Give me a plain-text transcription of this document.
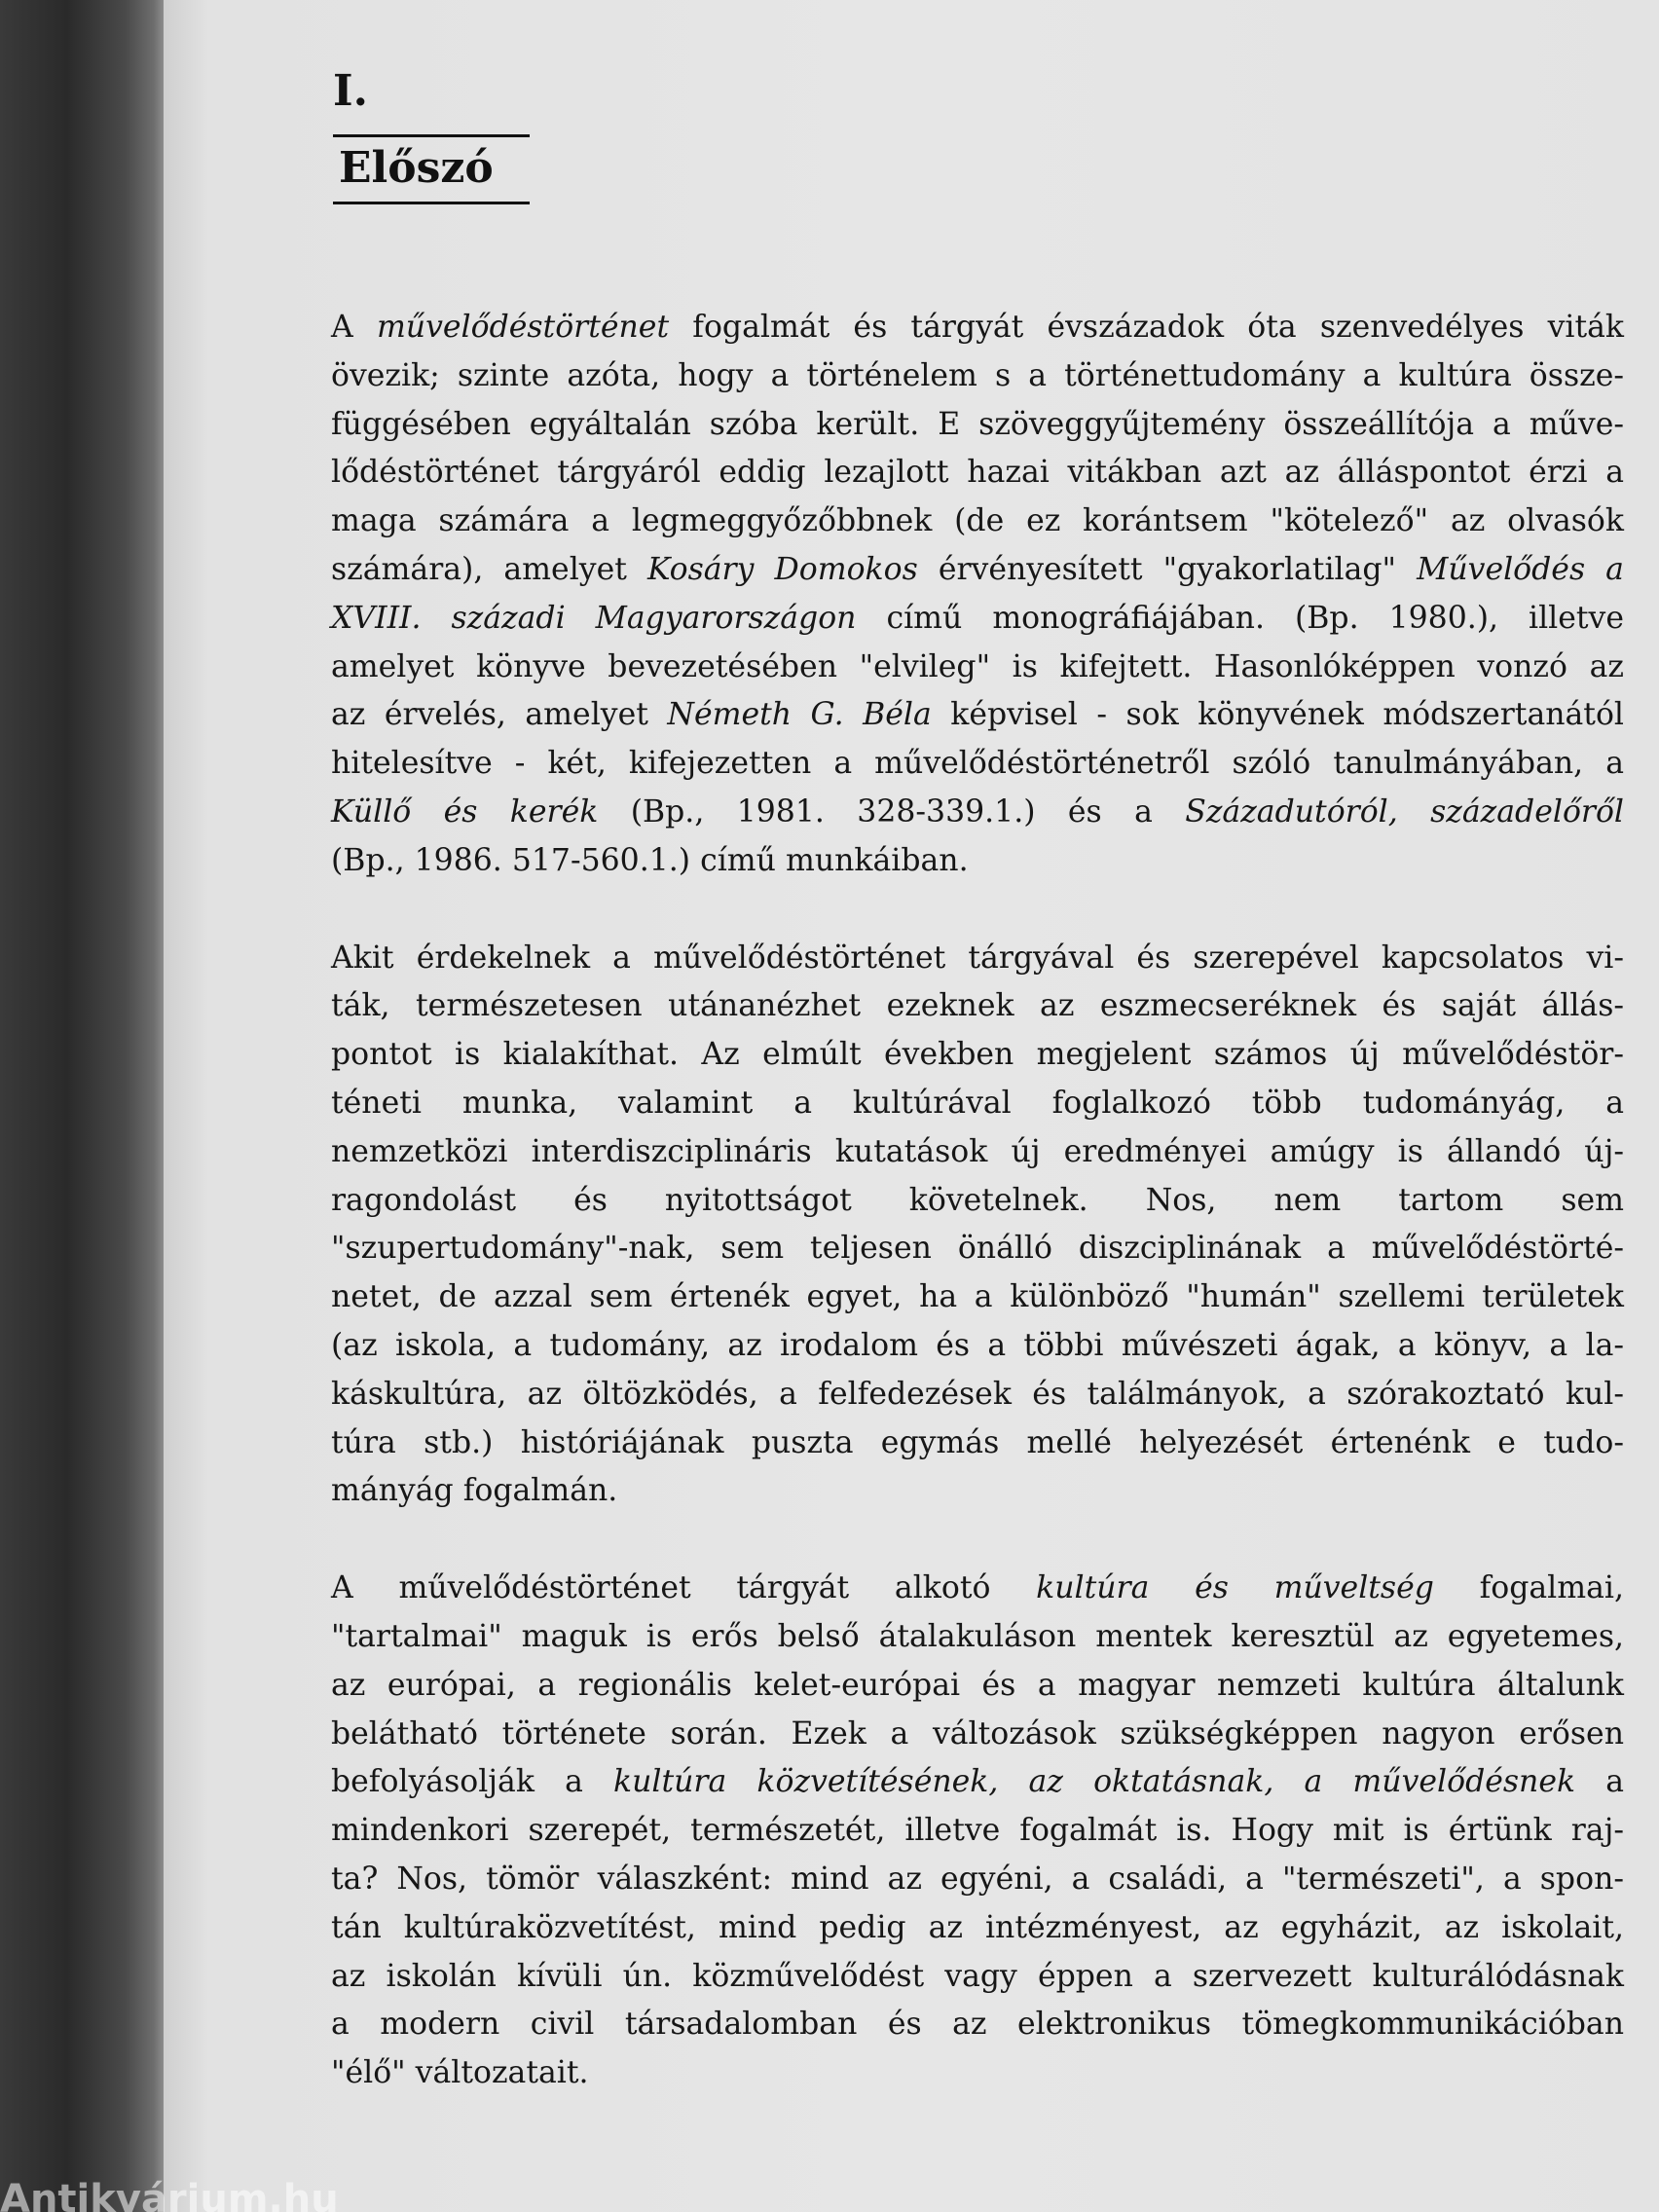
I.
Előszó

A művelődéstörténet fogalmát és tárgyát évszázadok óta szenvedélyes viták
övezik; szinte azóta, hogy a történelem s a történettudomány a kultúra össze-
függésében egyáltalán szóba került. E szöveggyűjtemény összeállítója a műve-
lődéstörténet tárgyáról eddig lezajlott hazai vitákban azt az álláspontot érzi a
maga számára a legmeggyőzőbbnek (de ez korántsem "kötelező" az olvasók
számára), amelyet Kosáry Domokos érvényesített "gyakorlatilag" Művelődés a
XVIII. századi Magyarországon című monográfiájában. (Bp. 1980.), illetve
amelyet könyve bevezetésében "elvileg" is kifejtett. Hasonlóképpen vonzó az
az érvelés, amelyet Németh G. Béla képvisel - sok könyvének módszertanától
hitelesítve - két, kifejezetten a művelődéstörténetről szóló tanulmányában, a
Küllő és kerék (Bp., 1981. 328-339.1.) és a Századutóról, századelőről
(Bp., 1986. 517-560.1.) című munkáiban.

Akit érdekelnek a művelődéstörténet tárgyával és szerepével kapcsolatos vi-
ták, természetesen utánanézhet ezeknek az eszmecseréknek és saját állás-
pontot is kialakíthat. Az elmúlt években megjelent számos új művelődéstör-
téneti munka, valamint a kultúrával foglalkozó több tudományág, a
nemzetközi interdiszciplináris kutatások új eredményei amúgy is állandó új-
ragondolást és nyitottságot követelnek. Nos, nem tartom sem
"szupertudomány"-nak, sem teljesen önálló diszciplinának a művelődéstörté-
netet, de azzal sem értenék egyet, ha a különböző "humán" szellemi területek
(az iskola, a tudomány, az irodalom és a többi művészeti ágak, a könyv, a la-
káskultúra, az öltözködés, a felfedezések és találmányok, a szórakoztató kul-
túra stb.) históriájának puszta egymás mellé helyezését értenénk e tudo-
mányág fogalmán.

A művelődéstörténet tárgyát alkotó kultúra és műveltség fogalmai,
"tartalmai" maguk is erős belső átalakuláson mentek keresztül az egyetemes,
az európai, a regionális kelet-európai és a magyar nemzeti kultúra általunk
belátható története során. Ezek a változások szükségképpen nagyon erősen
befolyásolják a kultúra közvetítésének, az oktatásnak, a művelődésnek a
mindenkori szerepét, természetét, illetve fogalmát is. Hogy mit is értünk raj-
ta? Nos, tömör válaszként: mind az egyéni, a családi, a "természeti", a spon-
tán kultúraközvetítést, mind pedig az intézményest, az egyházit, az iskolait,
az iskolán kívüli ún. közművelődést vagy éppen a szervezett kulturálódásnak
a modern civil társadalomban és az elektronikus tömegkommunikációban
"élő" változatait.

Antikvárium.hu
